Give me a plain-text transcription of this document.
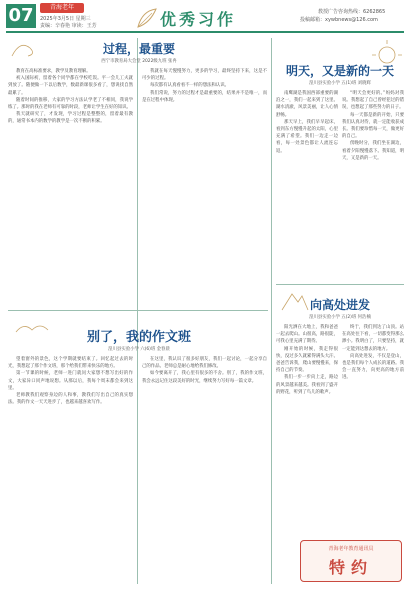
07	青海老年
2025年3月5日 星期三
责编：辛春艳 审读：王芳	优秀习作	教授广告咨询热线：6262865
投稿邮箱：xywbnews@126.com
过程，最重要
西宁市教育局大会堂 2022级九班 张冉

教育在高标准要求，教学及教育理解。

初入国际初，留着各个同学都在学校吃饭。平一会儿工夫就到放了。随便做一下以后数学，数最新课很多看了，想说找自然最累了。

随着时间的推移，大家的学习方法认学老了不相同，我说学练了。那时的我在老师有可靠的时段，老师让学生在好的知识。

我天就研究了，才发现，学习过程是整整的，留着最有教的，通常书本内的数学的教学是一次不断的积累。

我就在每天慢慢努力，更多的学习，最终坚持下来，这是不可少的过程。

每次都有认真看看不一样的想法和认识。

我们常说，努力的过程才是最重要的，结果并不是唯一，而是在过程中体现。

别了，我的作文班
湟川县实验小学 六(6)班 金春晨

望着窗外的景色，这个学期就要结束了。回忆起过去的时光，我想起了那个作文班，那个给我们带来快乐的地方。

第一节课的时候，老师一进门就问大家想不想写出好的作文，大家异口同声地说想。从那以后，我每个周末都会来到这里。

老师教我们观察身边的人和事，教我们写出自己的真实想法。我的作文一天天进步了，也越来越喜欢写作。

在这里，我认识了很多好朋友，我们一起讨论，一起分享自己的作品。老师总是耐心地给我们修改。

如今要离开了，我心里有很多的不舍。别了，我的作文班，我会永远记住这段美好的时光，继续努力写好每一篇文章。

明天，又是新的一天
湟川县实验小学 五(1)班 刘晓辉

南鹰湖是我国西部重要的湖泊之一，我们一起来到了这里。湖水清澈，风景美丽，让人心情舒畅。

那天早上，我们早早起床，看到东方慢慢升起的太阳，心里充满了希望。我们一边走一边看，每一处景色都让人流连忘返。

“明天会更好的。”妈妈对我说。我想起了自己曾经犯过的错误，也想起了那些努力的日子。

每一天都是新的开始，只要我们认真对待，就一定能收获成长。我们要珍惜每一天，做更好的自己。

傍晚时分，我们坐在湖边，看着夕阳慢慢落下。我知道，明天，又是新的一天。

向高处进发
湟川县实验小学 五(2)班 何浩楠

阳光洒在大地上，我和爸爸一起去爬山。山很高，路很陡，可我心里充满了期待。

刚开始的时候，我走得很快，没过多久就累得满头大汗。爸爸告诉我，爬山要慢慢来，保持自己的节奏。

我们一步一步向上走，路边的风景越来越美。我看到了盛开的野花，听到了鸟儿的歌声。

终于，我们到达了山顶。站在高处往下看，一切都变得那么渺小。我明白了，只要坚持，就一定能到达想去的地方。

向高处进发，不仅是登山，也是我们每个人成长的道路。我会一直努力，向更高的地方前进。

青海老年教育通讯员
特约
